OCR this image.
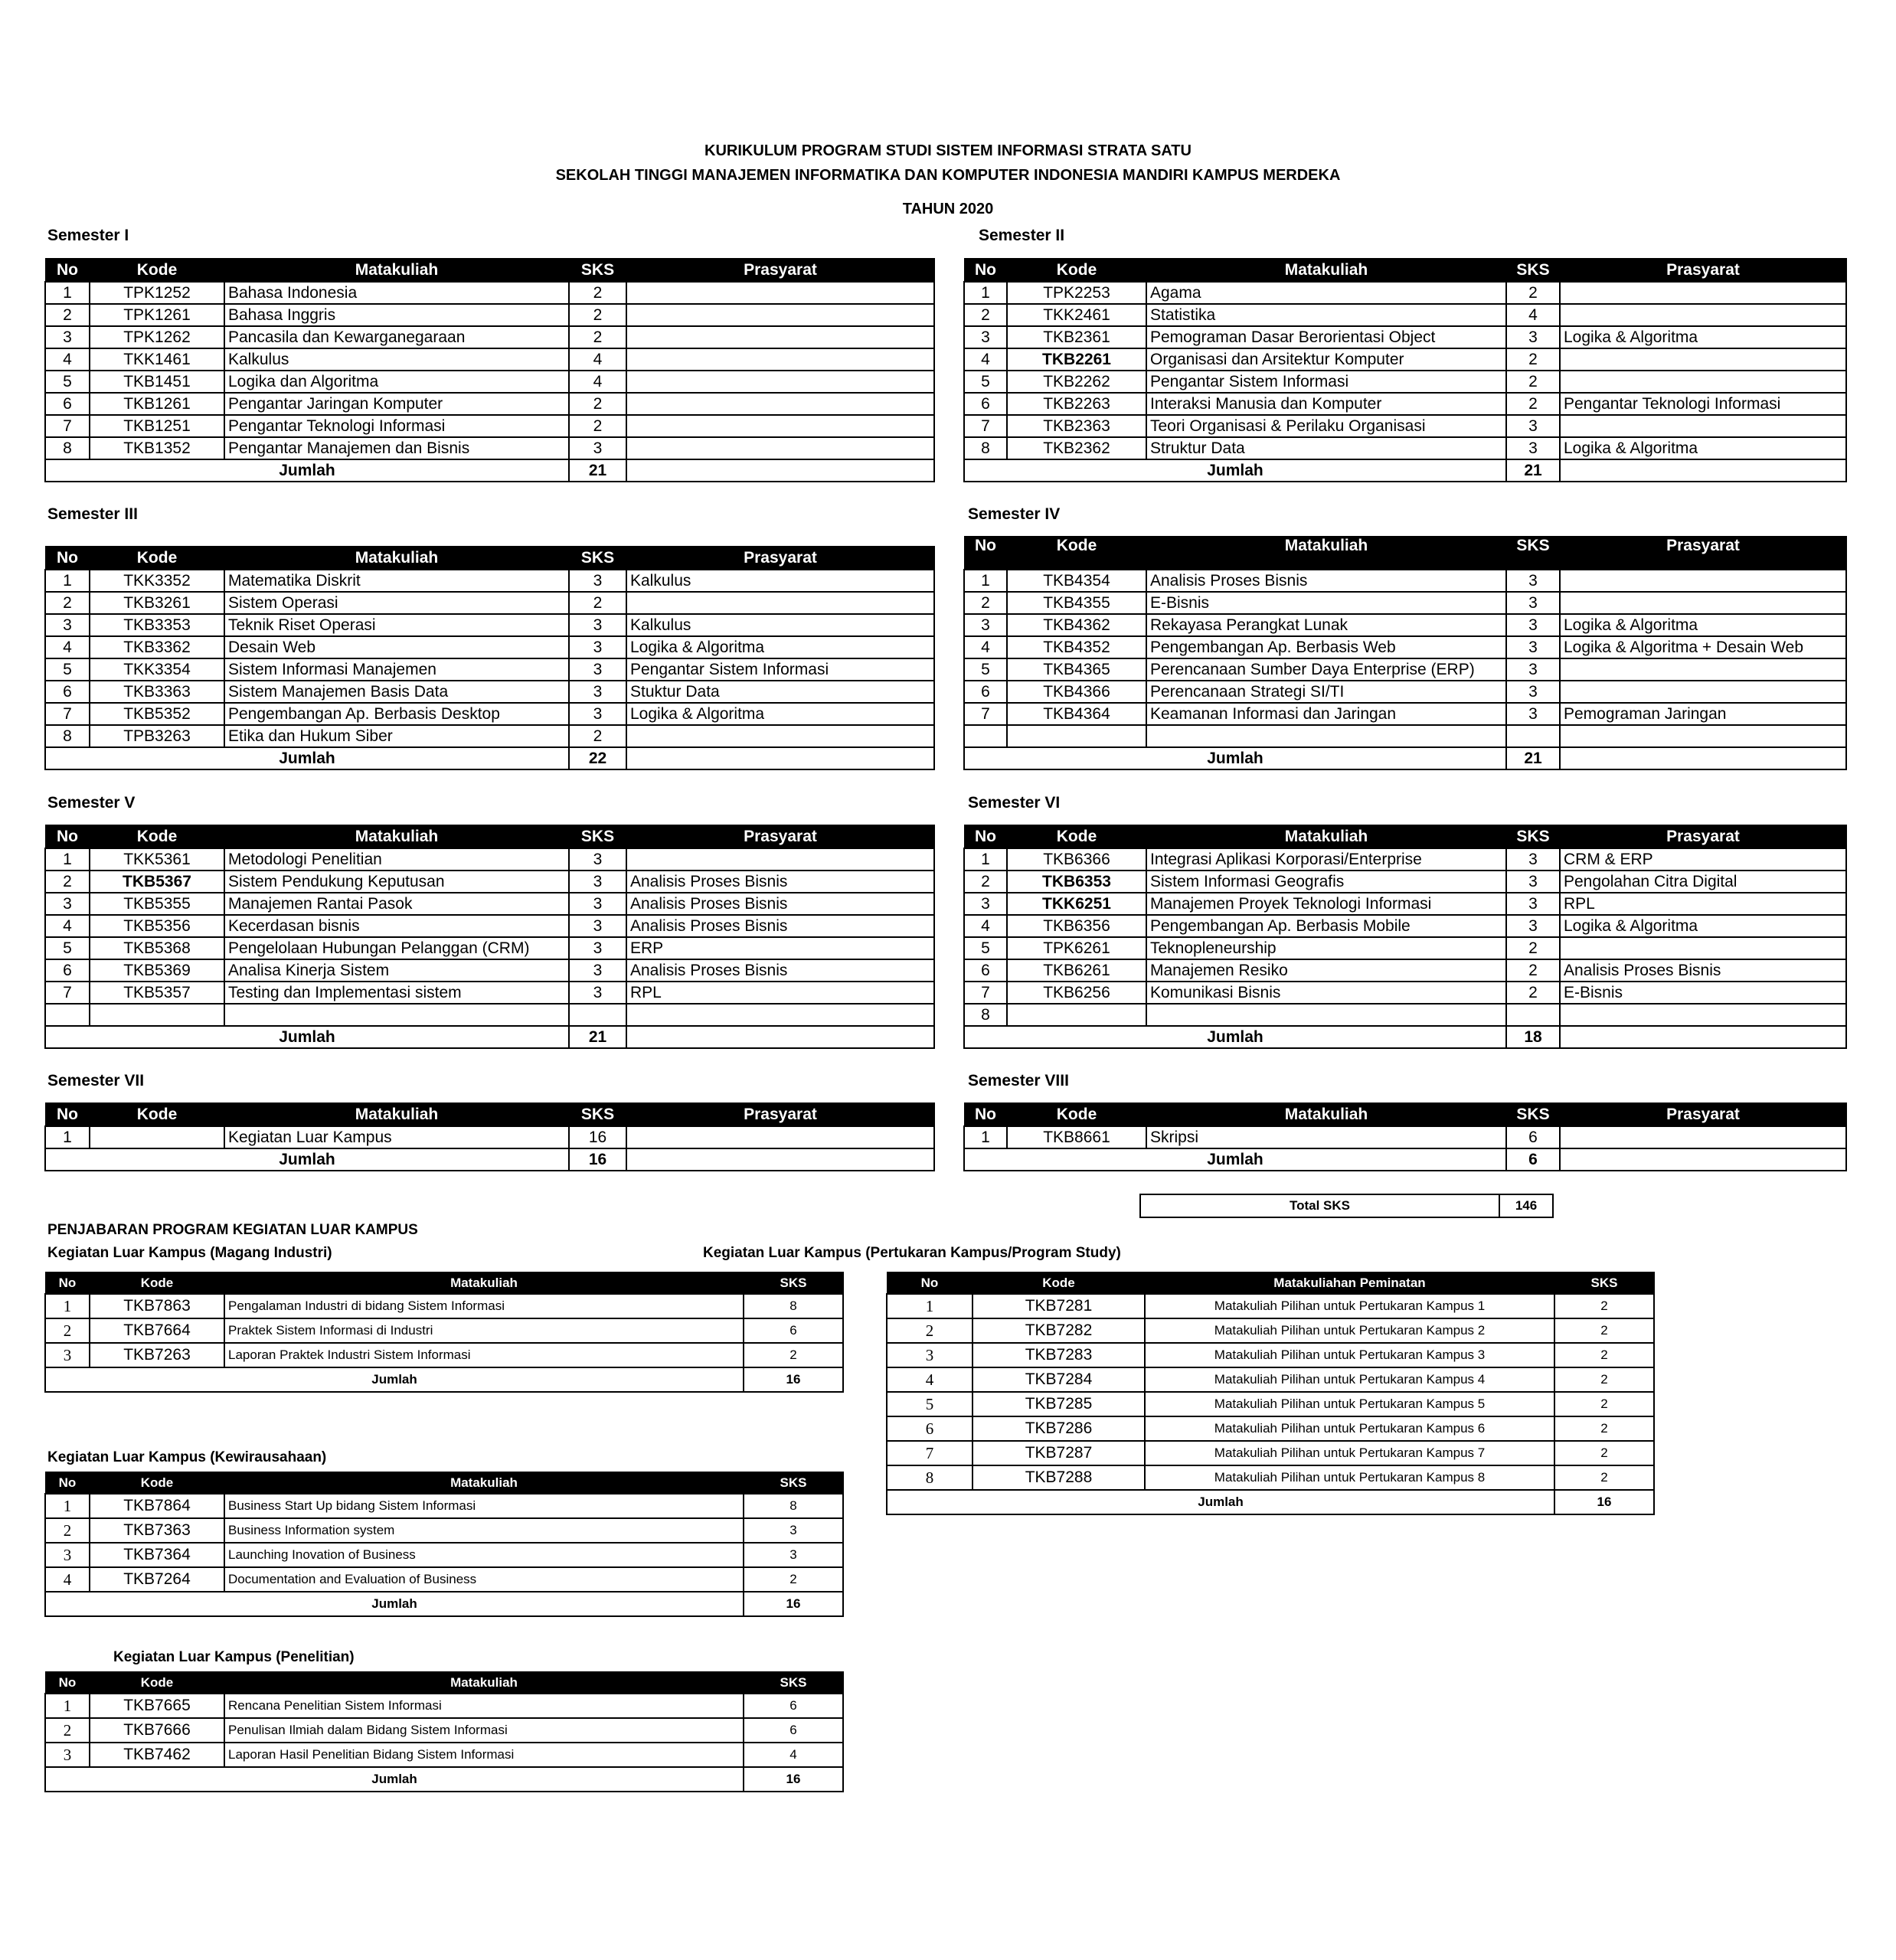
KURIKULUM PROGRAM STUDI SISTEM INFORMASI STRATA SATU
SEKOLAH TINGGI MANAJEMEN INFORMATIKA DAN KOMPUTER INDONESIA MANDIRI KAMPUS MERDEKA
TAHUN 2020
Semester I
No	Kode	Matakuliah	SKS	Prasyarat
1	TPK1252	Bahasa Indonesia	2	
2	TPK1261	Bahasa Inggris	2	
3	TPK1262	Pancasila dan Kewarganegaraan	2	
4	TKK1461	Kalkulus	4	
5	TKB1451	Logika dan Algoritma	4	
6	TKB1261	Pengantar Jaringan Komputer	2	
7	TKB1251	Pengantar Teknologi Informasi	2	
8	TKB1352	Pengantar Manajemen dan Bisnis	3	
Jumlah			21	
Semester II
No	Kode	Matakuliah	SKS	Prasyarat
1	TPK2253	Agama	2	
2	TKK2461	Statistika	4	
3	TKB2361	Pemograman Dasar Berorientasi Object	3	Logika & Algoritma
4	TKB2261	Organisasi dan Arsitektur Komputer	2	
5	TKB2262	Pengantar Sistem Informasi	2	
6	TKB2263	Interaksi Manusia dan Komputer	2	Pengantar Teknologi Informasi
7	TKB2363	Teori Organisasi & Perilaku Organisasi	3	
8	TKB2362	Struktur Data	3	Logika & Algoritma
Jumlah			21	
Semester III
No	Kode	Matakuliah	SKS	Prasyarat
1	TKK3352	Matematika Diskrit	3	Kalkulus
2	TKB3261	Sistem Operasi	2	
3	TKB3353	Teknik Riset Operasi	3	Kalkulus
4	TKB3362	Desain Web	3	Logika & Algoritma
5	TKK3354	Sistem Informasi Manajemen	3	Pengantar Sistem Informasi
6	TKB3363	Sistem Manajemen Basis Data	3	Stuktur Data
7	TKB5352	Pengembangan Ap. Berbasis Desktop	3	Logika & Algoritma
8	TPB3263	Etika dan Hukum Siber	2	
Jumlah			22	
Semester IV
No	Kode	Matakuliah	SKS	Prasyarat
1	TKB4354	Analisis Proses Bisnis	3	
2	TKB4355	E-Bisnis	3	
3	TKB4362	Rekayasa Perangkat Lunak	3	Logika & Algoritma
4	TKB4352	Pengembangan Ap. Berbasis Web	3	Logika & Algoritma + Desain Web
5	TKB4365	Perencanaan Sumber Daya Enterprise (ERP)	3	
6	TKB4366	Perencanaan Strategi SI/TI	3	
7	TKB4364	Keamanan Informasi dan Jaringan	3	Pemograman Jaringan

Jumlah			21	
Semester V
No	Kode	Matakuliah	SKS	Prasyarat
1	TKK5361	Metodologi Penelitian	3	
2	TKB5367	Sistem Pendukung Keputusan	3	Analisis Proses Bisnis
3	TKB5355	Manajemen Rantai Pasok	3	Analisis Proses Bisnis
4	TKB5356	Kecerdasan bisnis	3	Analisis Proses Bisnis
5	TKB5368	Pengelolaan Hubungan Pelanggan (CRM)	3	ERP
6	TKB5369	Analisa Kinerja Sistem	3	Analisis Proses Bisnis
7	TKB5357	Testing dan Implementasi sistem	3	RPL

Jumlah			21	
Semester VI
No	Kode	Matakuliah	SKS	Prasyarat
1	TKB6366	Integrasi Aplikasi Korporasi/Enterprise	3	CRM & ERP
2	TKB6353	Sistem Informasi Geografis	3	Pengolahan Citra Digital
3	TKK6251	Manajemen Proyek Teknologi Informasi	3	RPL
4	TKB6356	Pengembangan Ap. Berbasis Mobile	3	Logika & Algoritma
5	TPK6261	Teknopleneurship	2	
6	TKB6261	Manajemen Resiko	2	Analisis Proses Bisnis
7	TKB6256	Komunikasi Bisnis	2	E-Bisnis
8				
Jumlah			18	
Semester VII
No	Kode	Matakuliah	SKS	Prasyarat
1		Kegiatan Luar Kampus	16	
Jumlah			16	
Semester VIII
No	Kode	Matakuliah	SKS	Prasyarat
1	TKB8661	Skripsi	6	
Jumlah			6	
Total SKS	146
PENJABARAN PROGRAM KEGIATAN LUAR KAMPUS
Kegiatan Luar Kampus (Magang Industri)
No	Kode	Matakuliah	SKS
1	TKB7863	Pengalaman Industri di bidang Sistem Informasi	8
2	TKB7664	Praktek Sistem Informasi di Industri	6
3	TKB7263	Laporan Praktek Industri Sistem Informasi	2
Jumlah			16
Kegiatan Luar Kampus (Pertukaran Kampus/Program Study)
No	Kode	Matakuliahan Peminatan	SKS
1	TKB7281	Matakuliah Pilihan untuk Pertukaran Kampus 1	2
2	TKB7282	Matakuliah Pilihan untuk Pertukaran Kampus 2	2
3	TKB7283	Matakuliah Pilihan untuk Pertukaran Kampus 3	2
4	TKB7284	Matakuliah Pilihan untuk Pertukaran Kampus 4	2
5	TKB7285	Matakuliah Pilihan untuk Pertukaran Kampus 5	2
6	TKB7286	Matakuliah Pilihan untuk Pertukaran Kampus 6	2
7	TKB7287	Matakuliah Pilihan untuk Pertukaran Kampus 7	2
8	TKB7288	Matakuliah Pilihan untuk Pertukaran Kampus 8	2
Jumlah			16
Kegiatan Luar Kampus (Kewirausahaan)
No	Kode	Matakuliah	SKS
1	TKB7864	Business Start Up bidang Sistem Informasi	8
2	TKB7363	Business Information system	3
3	TKB7364	Launching Inovation of Business	3
4	TKB7264	Documentation and Evaluation of Business	2
Jumlah			16
Kegiatan Luar Kampus (Penelitian)
No	Kode	Matakuliah	SKS
1	TKB7665	Rencana Penelitian Sistem Informasi	6
2	TKB7666	Penulisan Ilmiah dalam Bidang Sistem Informasi	6
3	TKB7462	Laporan Hasil Penelitian Bidang Sistem Informasi	4
Jumlah			16
